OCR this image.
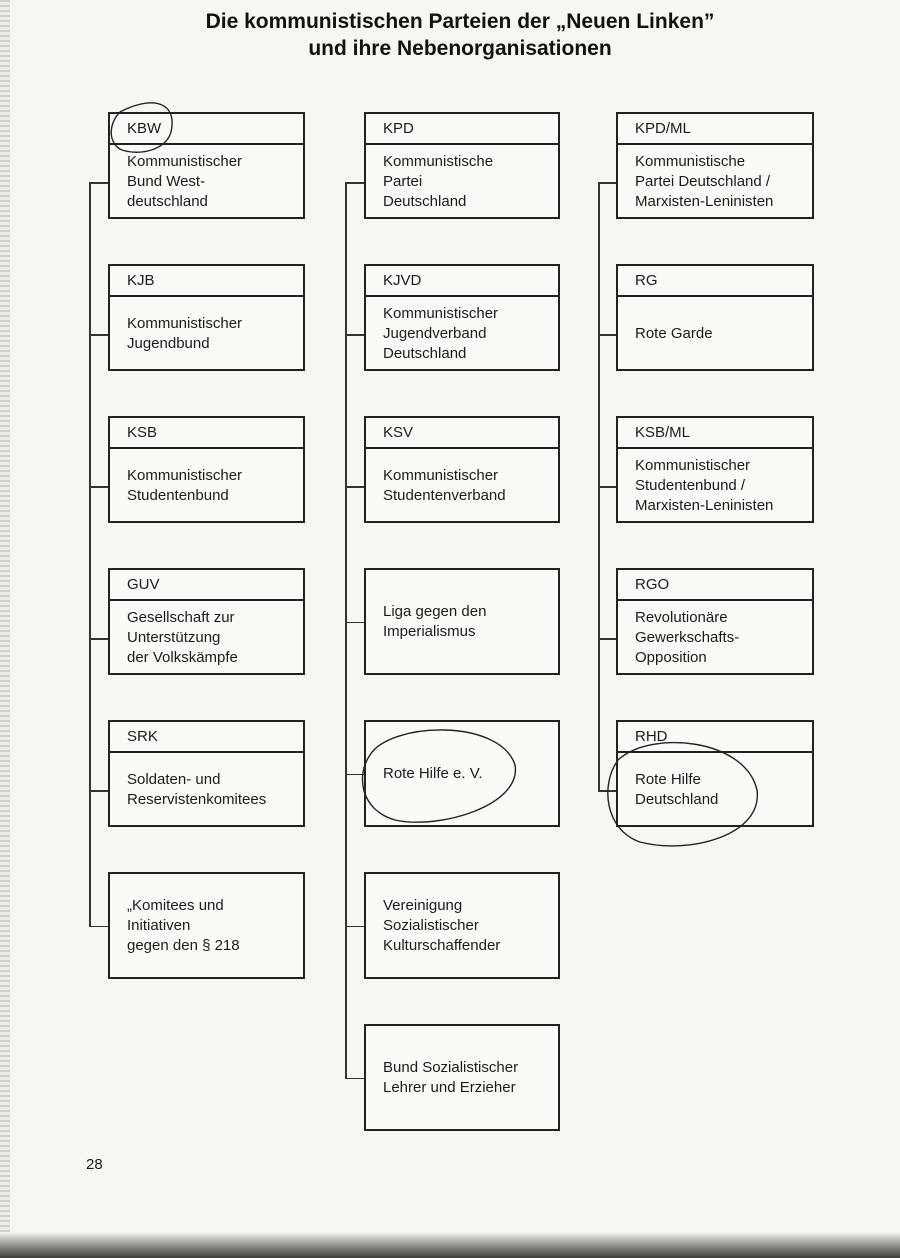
Die kommunistischen Parteien der „Neuen Linken”
und ihre Nebenorganisationen
KBW
Kommunistischer
Bund West-
deutschland
KJB
Kommunistischer
Jugendbund
KSB
Kommunistischer
Studentenbund
GUV
Gesellschaft zur
Unterstützung
der Volkskämpfe
SRK
Soldaten- und
Reservistenkomitees
„Komitees und
Initiativen
gegen den § 218
KPD
Kommunistische
Partei
Deutschland
KJVD
Kommunistischer
Jugendverband
Deutschland
KSV
Kommunistischer
Studentenverband
Liga gegen den
Imperialismus
Rote Hilfe e. V.
Vereinigung
Sozialistischer
Kulturschaffender
Bund Sozialistischer
Lehrer und Erzieher
KPD/ML
Kommunistische
Partei Deutschland /
Marxisten-Leninisten
RG
Rote Garde
KSB/ML
Kommunistischer
Studentenbund /
Marxisten-Leninisten
RGO
Revolutionäre
Gewerkschafts-
Opposition
RHD
Rote Hilfe
Deutschland
28
